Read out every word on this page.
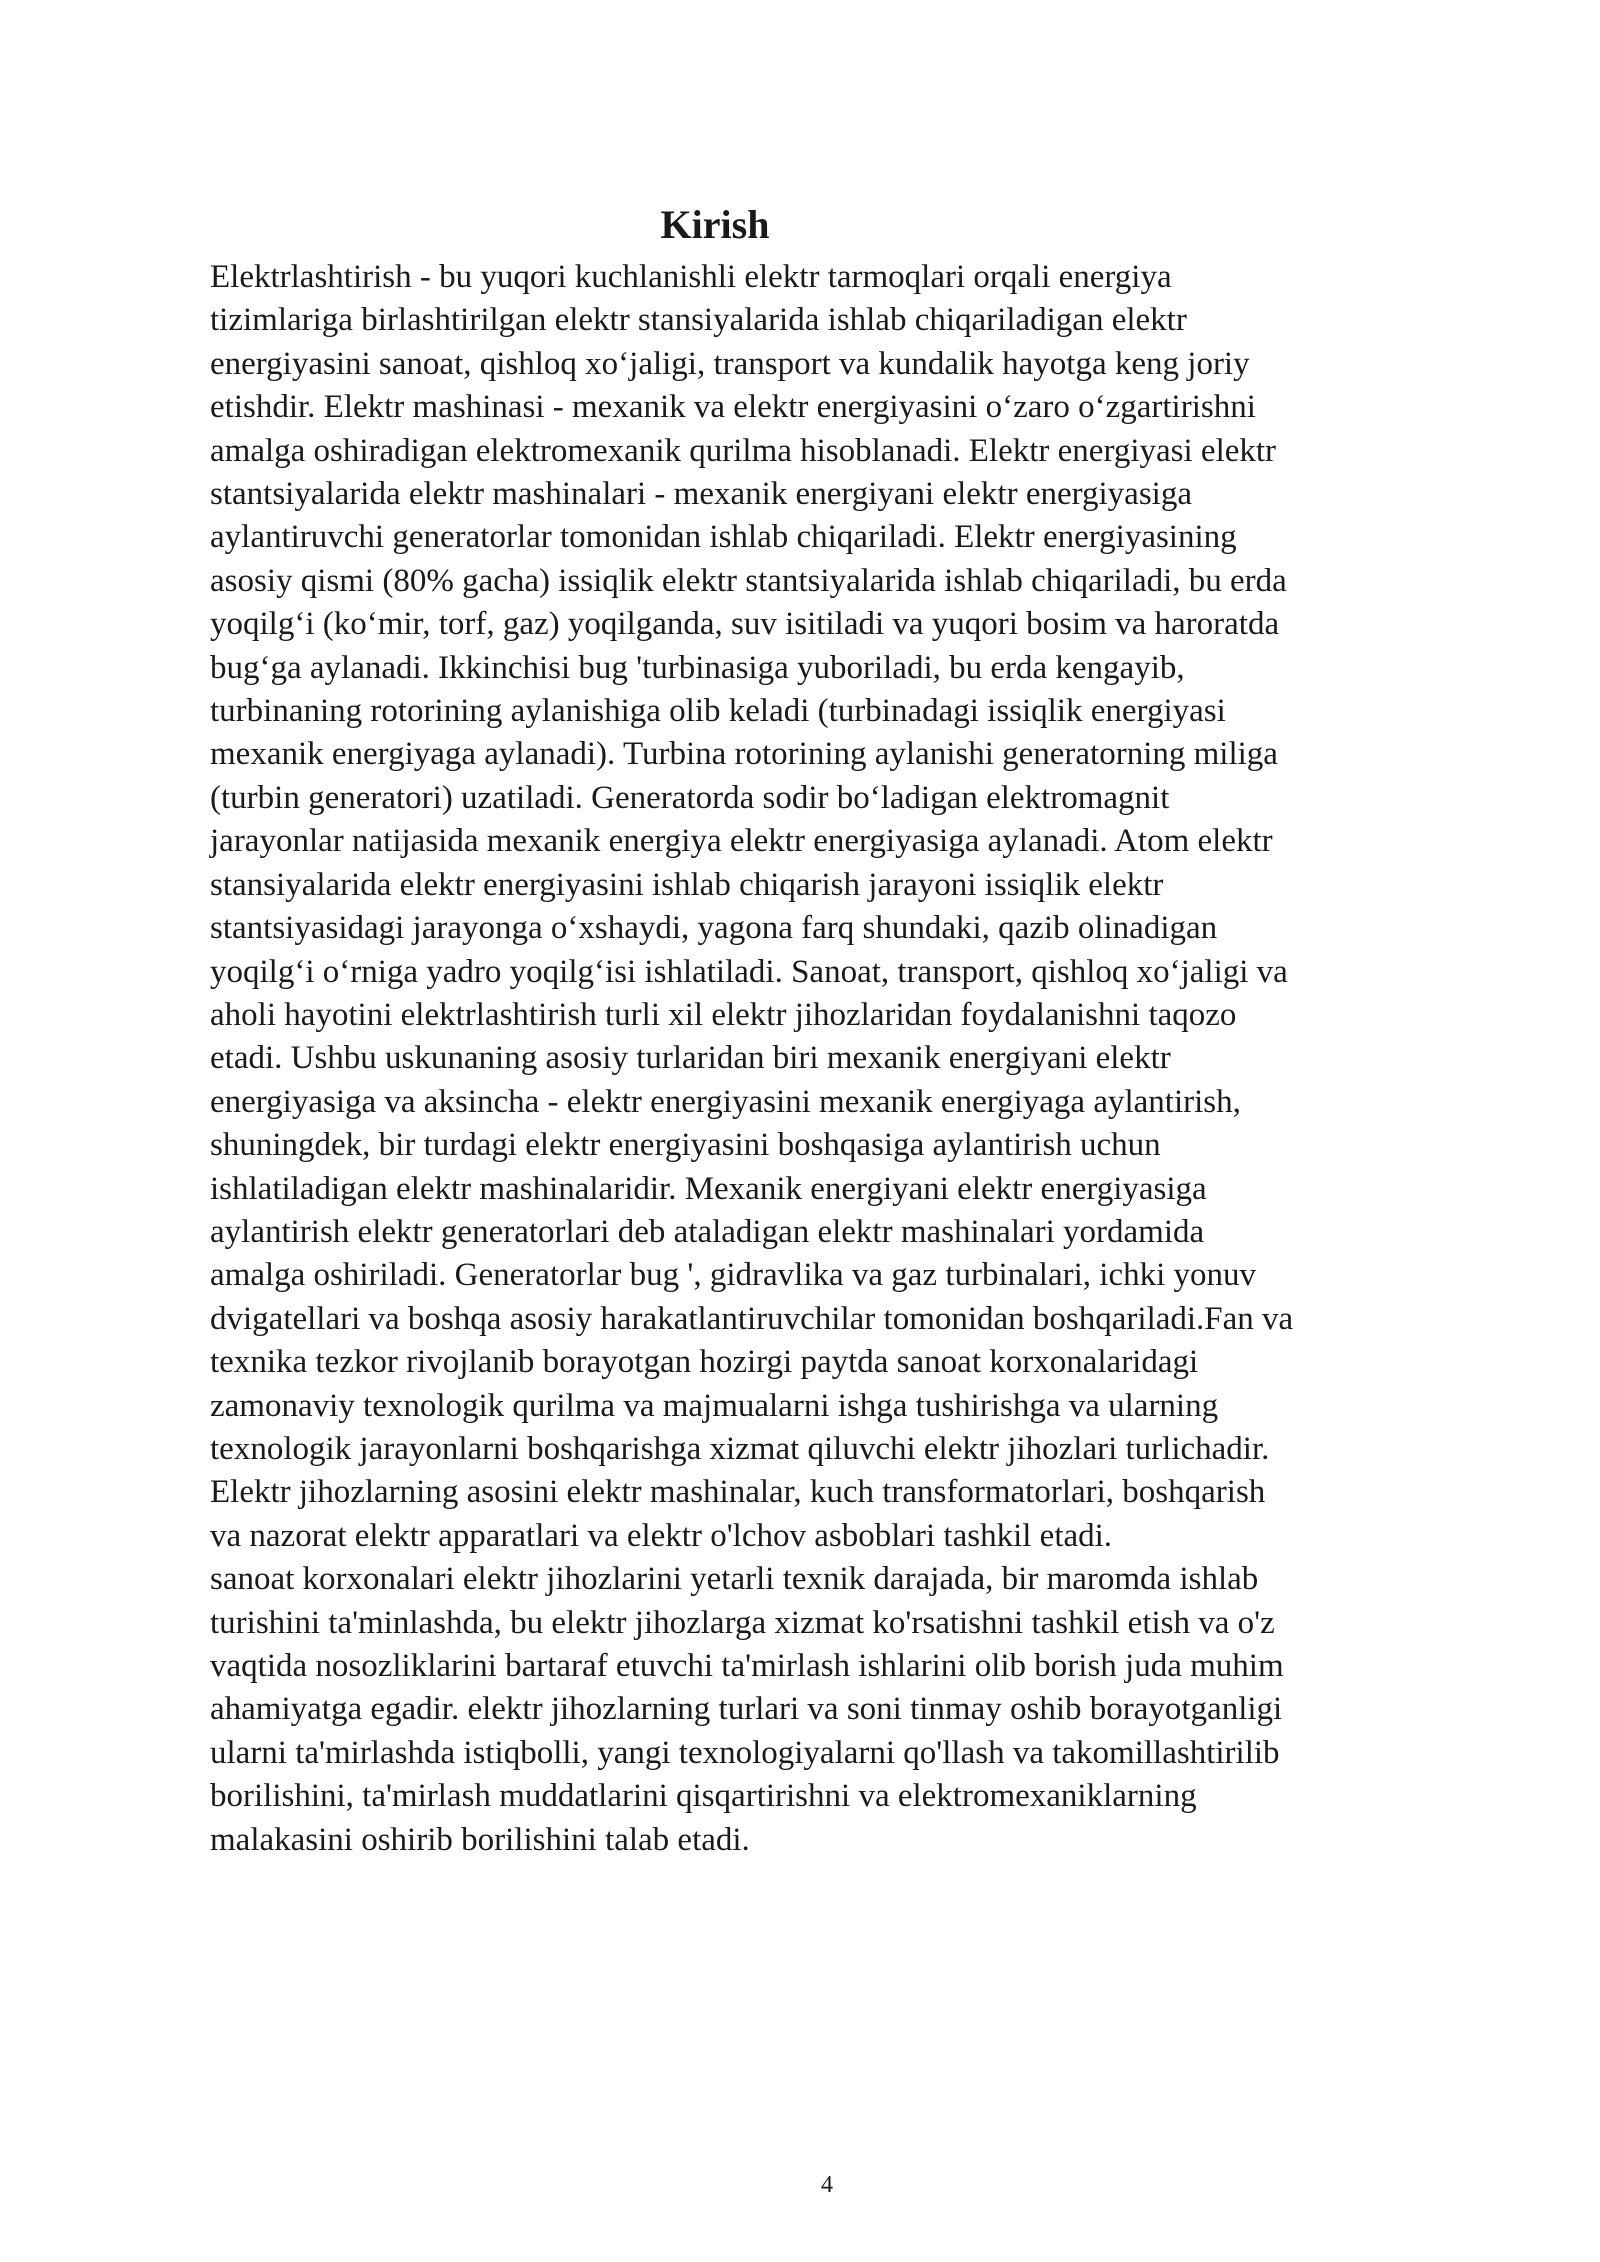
Kirish
Elektrlashtirish - bu yuqori kuchlanishli elektr tarmoqlari orqali energiya
tizimlariga birlashtirilgan elektr stansiyalarida ishlab chiqariladigan elektr
energiyasini sanoat, qishloq xo‘jaligi, transport va kundalik hayotga keng joriy
etishdir. Elektr mashinasi - mexanik va elektr energiyasini o‘zaro o‘zgartirishni
amalga oshiradigan elektromexanik qurilma hisoblanadi. Elektr energiyasi elektr
stantsiyalarida elektr mashinalari - mexanik energiyani elektr energiyasiga
aylantiruvchi generatorlar tomonidan ishlab chiqariladi. Elektr energiyasining
asosiy qismi (80% gacha) issiqlik elektr stantsiyalarida ishlab chiqariladi, bu erda
yoqilg‘i (ko‘mir, torf, gaz) yoqilganda, suv isitiladi va yuqori bosim va haroratda
bug‘ga aylanadi. Ikkinchisi bug 'turbinasiga yuboriladi, bu erda kengayib,
turbinaning rotorining aylanishiga olib keladi (turbinadagi issiqlik energiyasi
mexanik energiyaga aylanadi). Turbina rotorining aylanishi generatorning miliga
(turbin generatori) uzatiladi. Generatorda sodir bo‘ladigan elektromagnit
jarayonlar natijasida mexanik energiya elektr energiyasiga aylanadi. Atom elektr
stansiyalarida elektr energiyasini ishlab chiqarish jarayoni issiqlik elektr
stantsiyasidagi jarayonga o‘xshaydi, yagona farq shundaki, qazib olinadigan
yoqilg‘i o‘rniga yadro yoqilg‘isi ishlatiladi. Sanoat, transport, qishloq xo‘jaligi va
aholi hayotini elektrlashtirish turli xil elektr jihozlaridan foydalanishni taqozo
etadi. Ushbu uskunaning asosiy turlaridan biri mexanik energiyani elektr
energiyasiga va aksincha - elektr energiyasini mexanik energiyaga aylantirish,
shuningdek, bir turdagi elektr energiyasini boshqasiga aylantirish uchun
ishlatiladigan elektr mashinalaridir. Mexanik energiyani elektr energiyasiga
aylantirish elektr generatorlari deb ataladigan elektr mashinalari yordamida
amalga oshiriladi. Generatorlar bug ', gidravlika va gaz turbinalari, ichki yonuv
dvigatellari va boshqa asosiy harakatlantiruvchilar tomonidan boshqariladi.Fan va
texnika tezkor rivojlanib borayotgan hozirgi paytda sanoat korxonalaridagi
zamonaviy texnologik qurilma va majmualarni ishga tushirishga va ularning
texnologik jarayonlarni boshqarishga xizmat qiluvchi elektr jihozlari turlichadir.
Elektr jihozlarning asosini elektr mashinalar, kuch transformatorlari, boshqarish
va nazorat elektr apparatlari va elektr o'lchov asboblari tashkil etadi.
sanoat korxonalari elektr jihozlarini yetarli texnik darajada, bir maromda ishlab
turishini ta'minlashda, bu elektr jihozlarga xizmat ko'rsatishni tashkil etish va o'z
vaqtida nosozliklarini bartaraf etuvchi ta'mirlash ishlarini olib borish juda muhim
ahamiyatga egadir. elektr jihozlarning turlari va soni tinmay oshib borayotganligi
ularni ta'mirlashda istiqbolli, yangi texnologiyalarni qo'llash va takomillashtirilib
borilishini, ta'mirlash muddatlarini qisqartirishni va elektromexaniklarning
malakasini oshirib borilishini talab etadi.
4
